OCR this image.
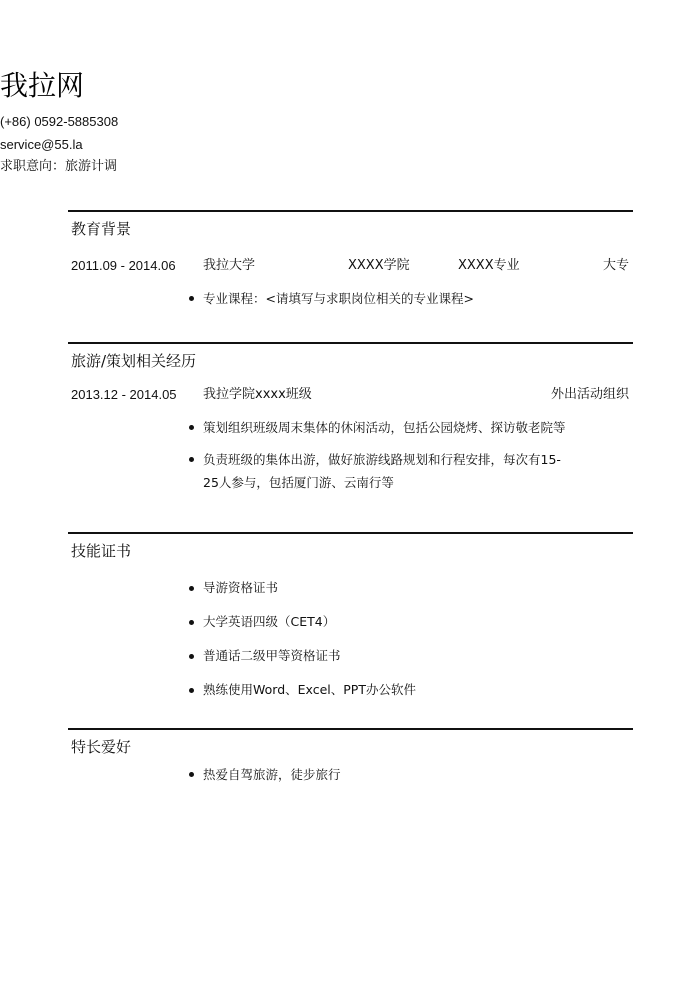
我拉网
(+86) 0592-5885308
service@55.la
求职意向：旅游计调
教育背景
2011.09 - 2014.06 我拉大学	XXXX学院	XXXX专业	大专
专业课程：<请填写与求职岗位相关的专业课程>
旅游/策划相关经历
2013.12 - 2014.05 我拉学院xxxx班级	外出活动组织
策划组织班级周末集体的休闲活动，包括公园烧烤、探访敬老院等
负责班级的集体出游，做好旅游线路规划和行程安排，每次有15-
25人参与，包括厦门游、云南行等
技能证书
导游资格证书
大学英语四级（CET4）
普通话二级甲等资格证书
熟练使用Word、Excel、PPT办公软件
特长爱好
热爱自驾旅游，徒步旅行
